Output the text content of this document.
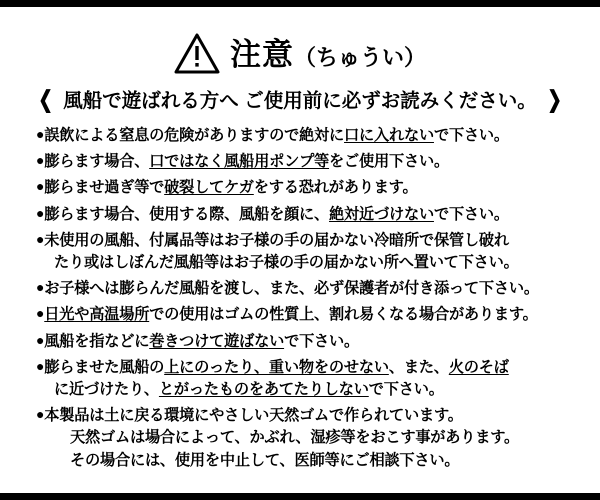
注意（ちゅうい）
❮ 風船で遊ばれる方へ ご使用前に必ずお読みください。 ❯
●誤飲による窒息の危険がありますので絶対に口に入れないで下さい。
●膨らます場合、口ではなく風船用ポンプ等をご使用下さい。
●膨らませ過ぎ等で破裂してケガをする恐れがあります。
●膨らます場合、使用する際、風船を顔に、絶対近づけないで下さい。
●未使用の風船、付属品等はお子様の手の届かない冷暗所で保管し破れ
たり或はしぼんだ風船等はお子様の手の届かない所へ置いて下さい。
●お子様へは膨らんだ風船を渡し、また、必ず保護者が付き添って下さい。
●日光や高温場所での使用はゴムの性質上、割れ易くなる場合があります。
●風船を指などに巻きつけて遊ばないで下さい。
●膨らませた風船の上にのったり、重い物をのせない、また、火のそば
に近づけたり、とがったものをあてたりしないで下さい。
●本製品は土に戻る環境にやさしい天然ゴムで作られています。
天然ゴムは場合によって、かぶれ、湿疹等をおこす事があります。
その場合には、使用を中止して、医師等にご相談下さい。
